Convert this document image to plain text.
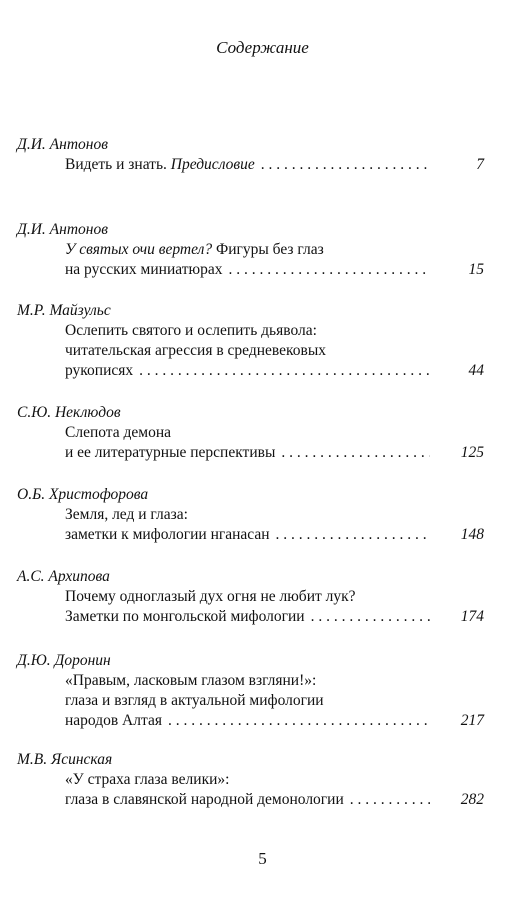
Содержание
Д.И. Антонов
Видеть и знать. Предисловие . . .	7
Д.И. Антонов
У святых очи вертел? Фигуры без глаз
на русских миниатюрах . . .	15
М.Р. Майзульс
Ослепить святого и ослепить дьявола:
читательская агрессия в средневековых
рукописях . . .	44
С.Ю. Неклюдов
Слепота демона
и ее литературные перспективы . . .	125
О.Б. Христофорова
Земля, лед и глаза:
заметки к мифологии нганасан . . .	148
А.С. Архипова
Почему одноглазый дух огня не любит лук?
Заметки по монгольской мифологии . . .	174
Д.Ю. Доронин
«Правым, ласковым глазом взгляни!»:
глаза и взгляд в актуальной мифологии
народов Алтая . . .	217
М.В. Ясинская
«У страха глаза велики»:
глаза в славянской народной демонологии . . .	282
5
